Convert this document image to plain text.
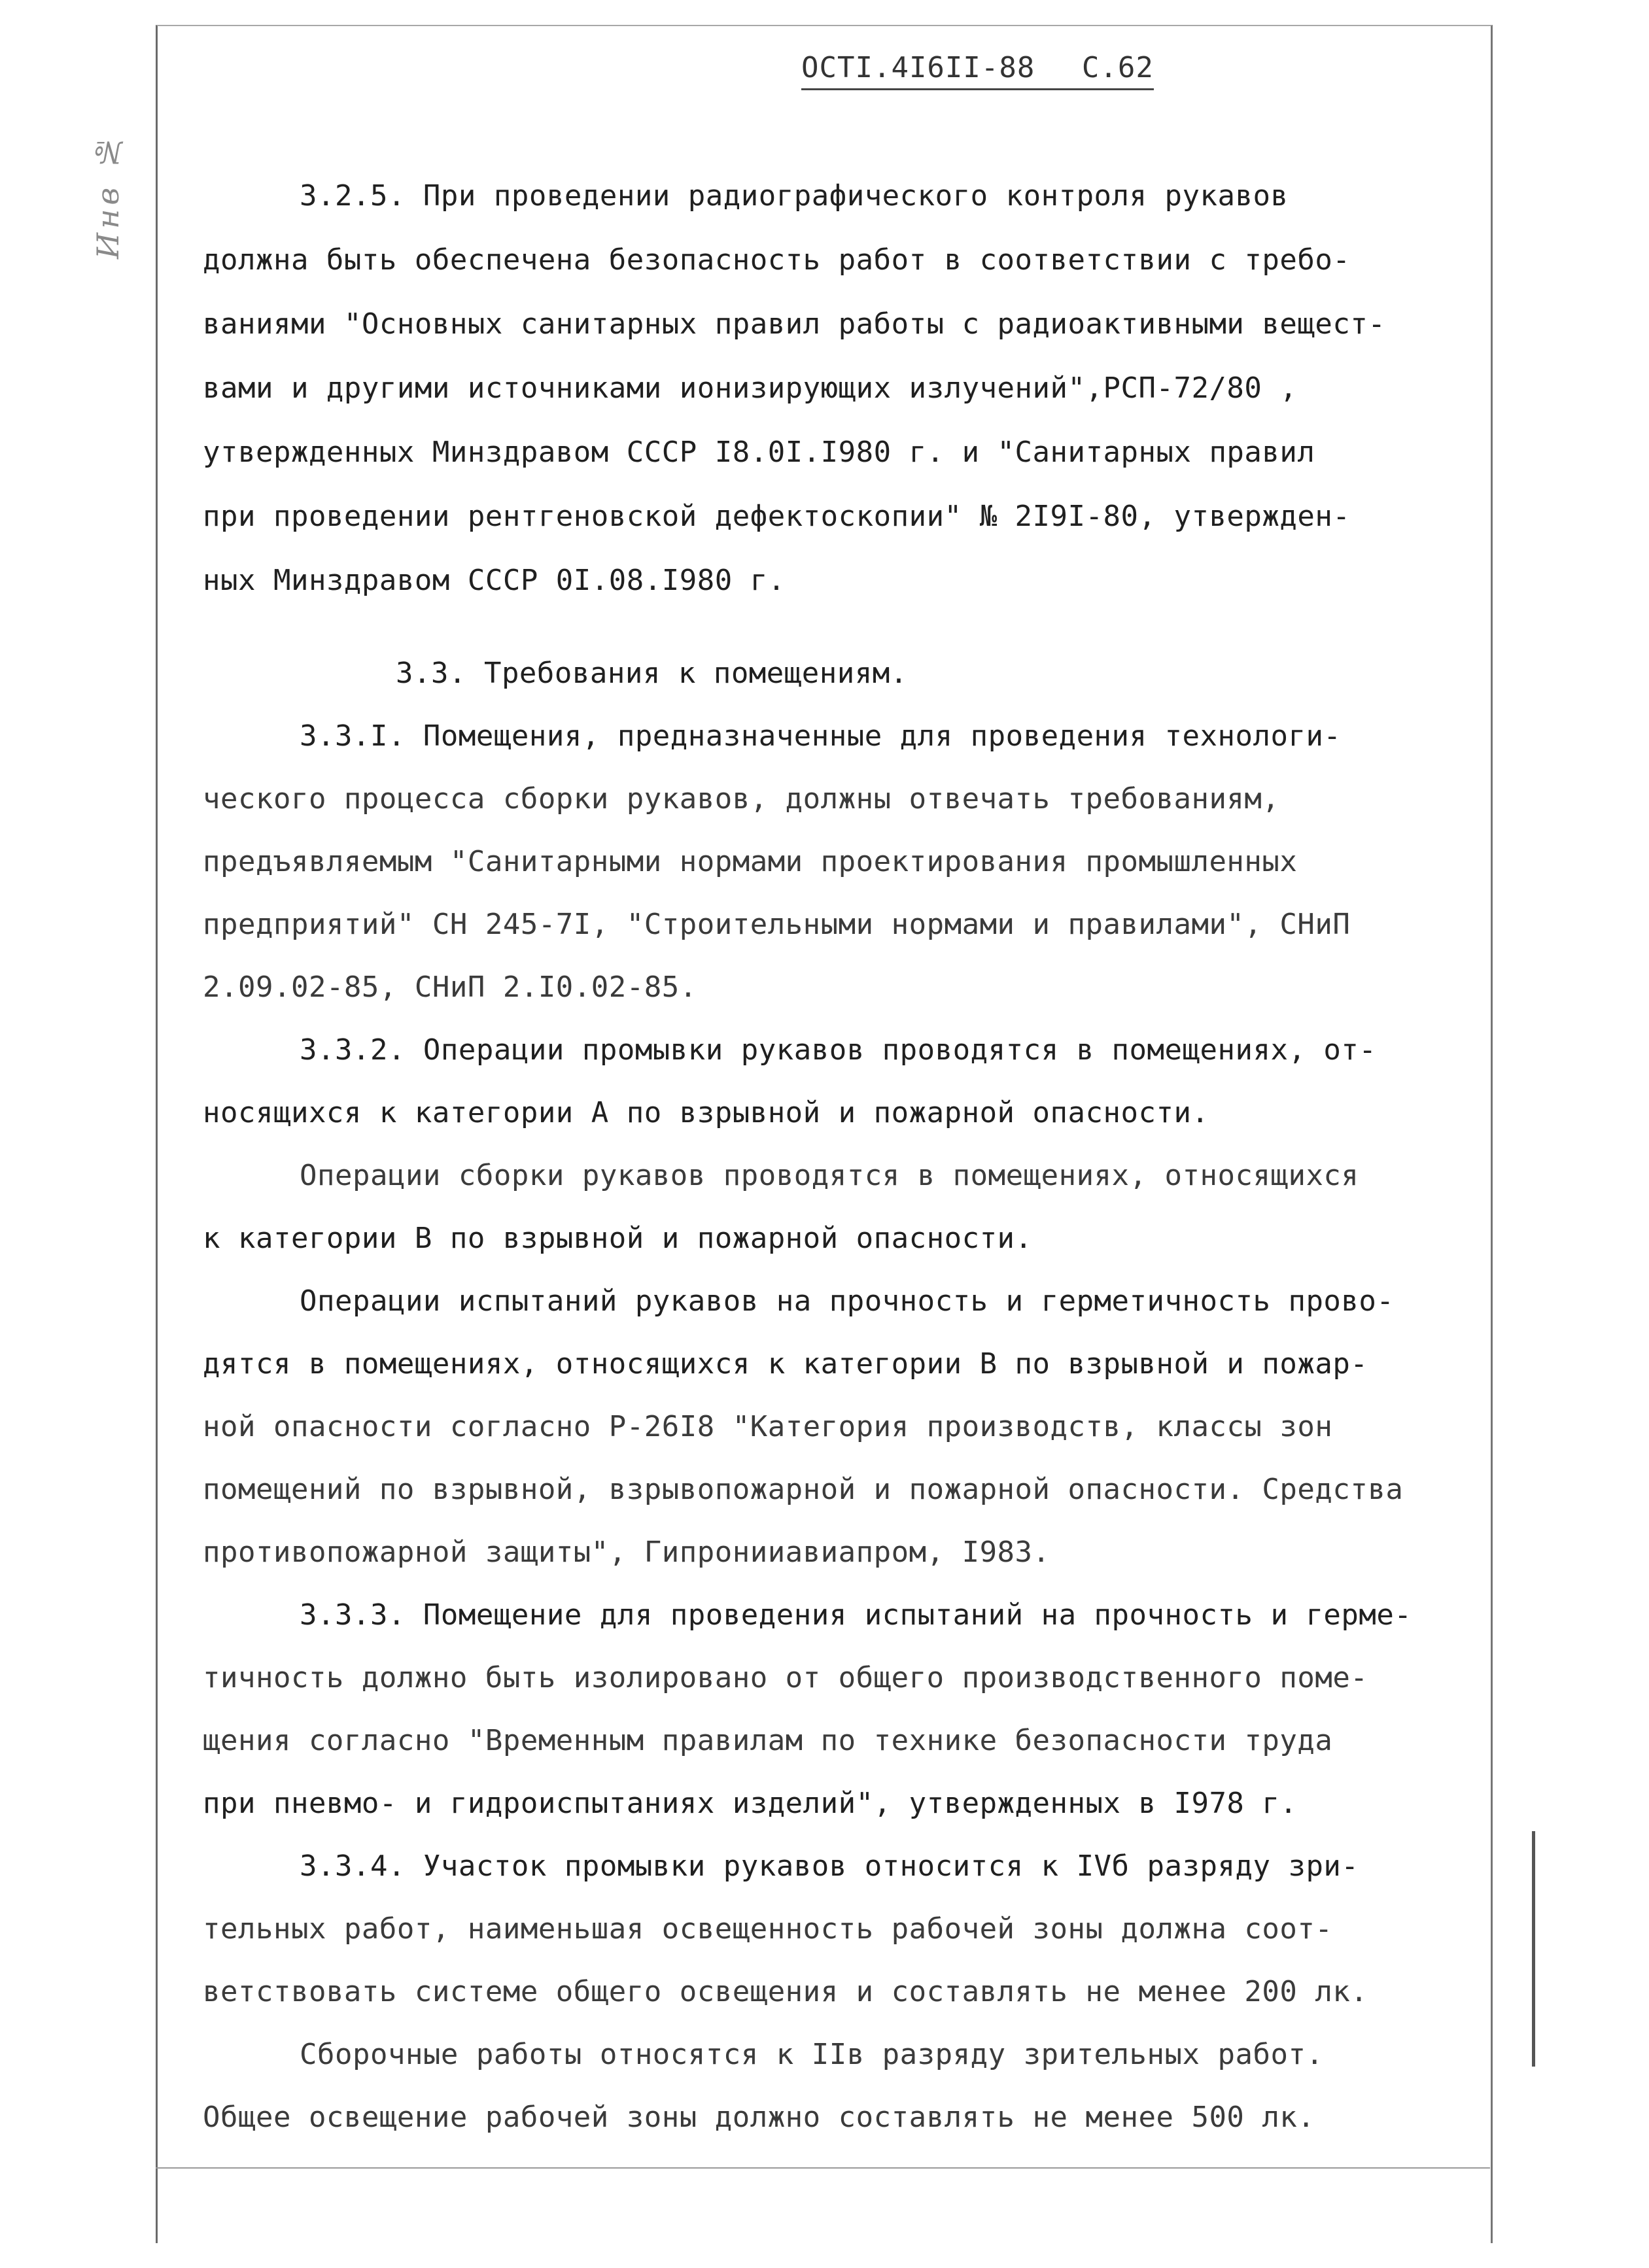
Инв №
ОСТI.4I6II-88 С.62
3.2.5. При проведении радиографического контроля рукавов
должна быть обеспечена безопасность работ в соответствии с требо-
ваниями "Основных санитарных правил работы с радиоактивными вещест-
вами и другими источниками ионизирующих излучений",РСП-72/80 ,
утвержденных Минздравом СССР I8.0I.I980 г. и "Санитарных правил
при проведении рентгеновской дефектоскопии" № 2I9I-80, утвержден-
ных Минздравом СССР 0I.08.I980 г.
3.3. Требования к помещениям.
3.3.I. Помещения, предназначенные для проведения технологи-
ческого процесса сборки рукавов, должны отвечать требованиям,
предъявляемым "Санитарными нормами проектирования промышленных
предприятий" СН 245-7I, "Строительными нормами и правилами", СНиП
2.09.02-85, СНиП 2.I0.02-85.
3.3.2. Операции промывки рукавов проводятся в помещениях, от-
носящихся к категории А по взрывной и пожарной опасности.
Операции сборки рукавов проводятся в помещениях, относящихся
к категории В по взрывной и пожарной опасности.
Операции испытаний рукавов на прочность и герметичность прово-
дятся в помещениях, относящихся к категории В по взрывной и пожар-
ной опасности согласно Р-26I8 "Категория производств, классы зон
помещений по взрывной, взрывопожарной и пожарной опасности. Средства
противопожарной защиты", Гипронииавиапром, I983.
3.3.3. Помещение для проведения испытаний на прочность и герме-
тичность должно быть изолировано от общего производственного поме-
щения согласно "Временным правилам по технике безопасности труда
при пневмо- и гидроиспытаниях изделий", утвержденных в I978 г.
3.3.4. Участок промывки рукавов относится к IVб разряду зри-
тельных работ, наименьшая освещенность рабочей зоны должна соот-
ветствовать системе общего освещения и составлять не менее 200 лк.
Сборочные работы относятся к IIв разряду зрительных работ.
Общее освещение рабочей зоны должно составлять не менее 500 лк.
